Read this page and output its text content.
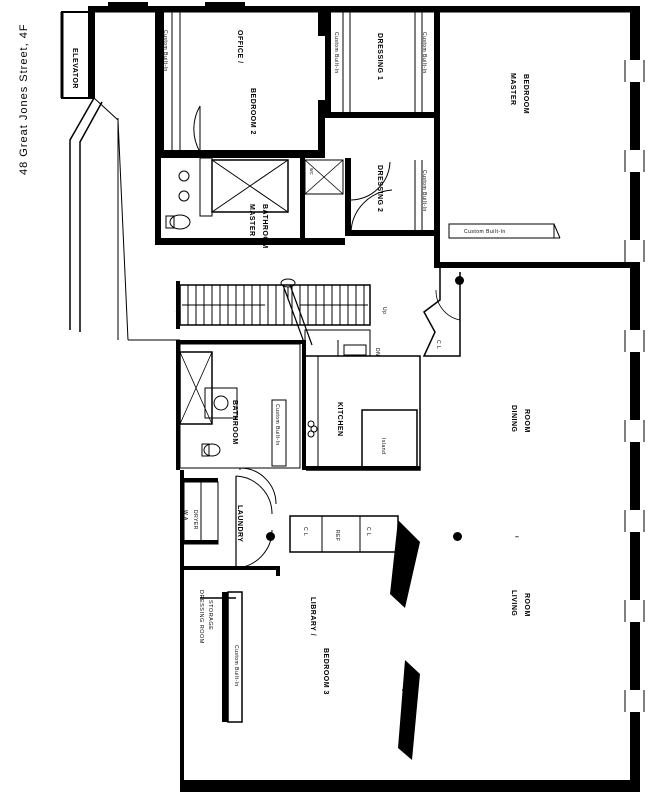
48 Great Jones Street, 4F	ELEVATOR
OFFICE /
BEDROOM 2
DRESSING 1
MASTER BEDROOM
MASTER BATHROOM
DRESSING 2
KITCHEN
BATHROOM
LAUNDRY
DINING ROOM
LIVING ROOM
LIBRARY /
BEDROOM 3
DRESSING ROOM STORAGE
Custom Built-In	Custom Built-In	Custom Built-In
Custom Built-In
Custom Built-In
Custom Built-In
Custom Built-In
C L
C L	C L
REF
W A DRYER
Island
Up
DN
↓
–
wc
